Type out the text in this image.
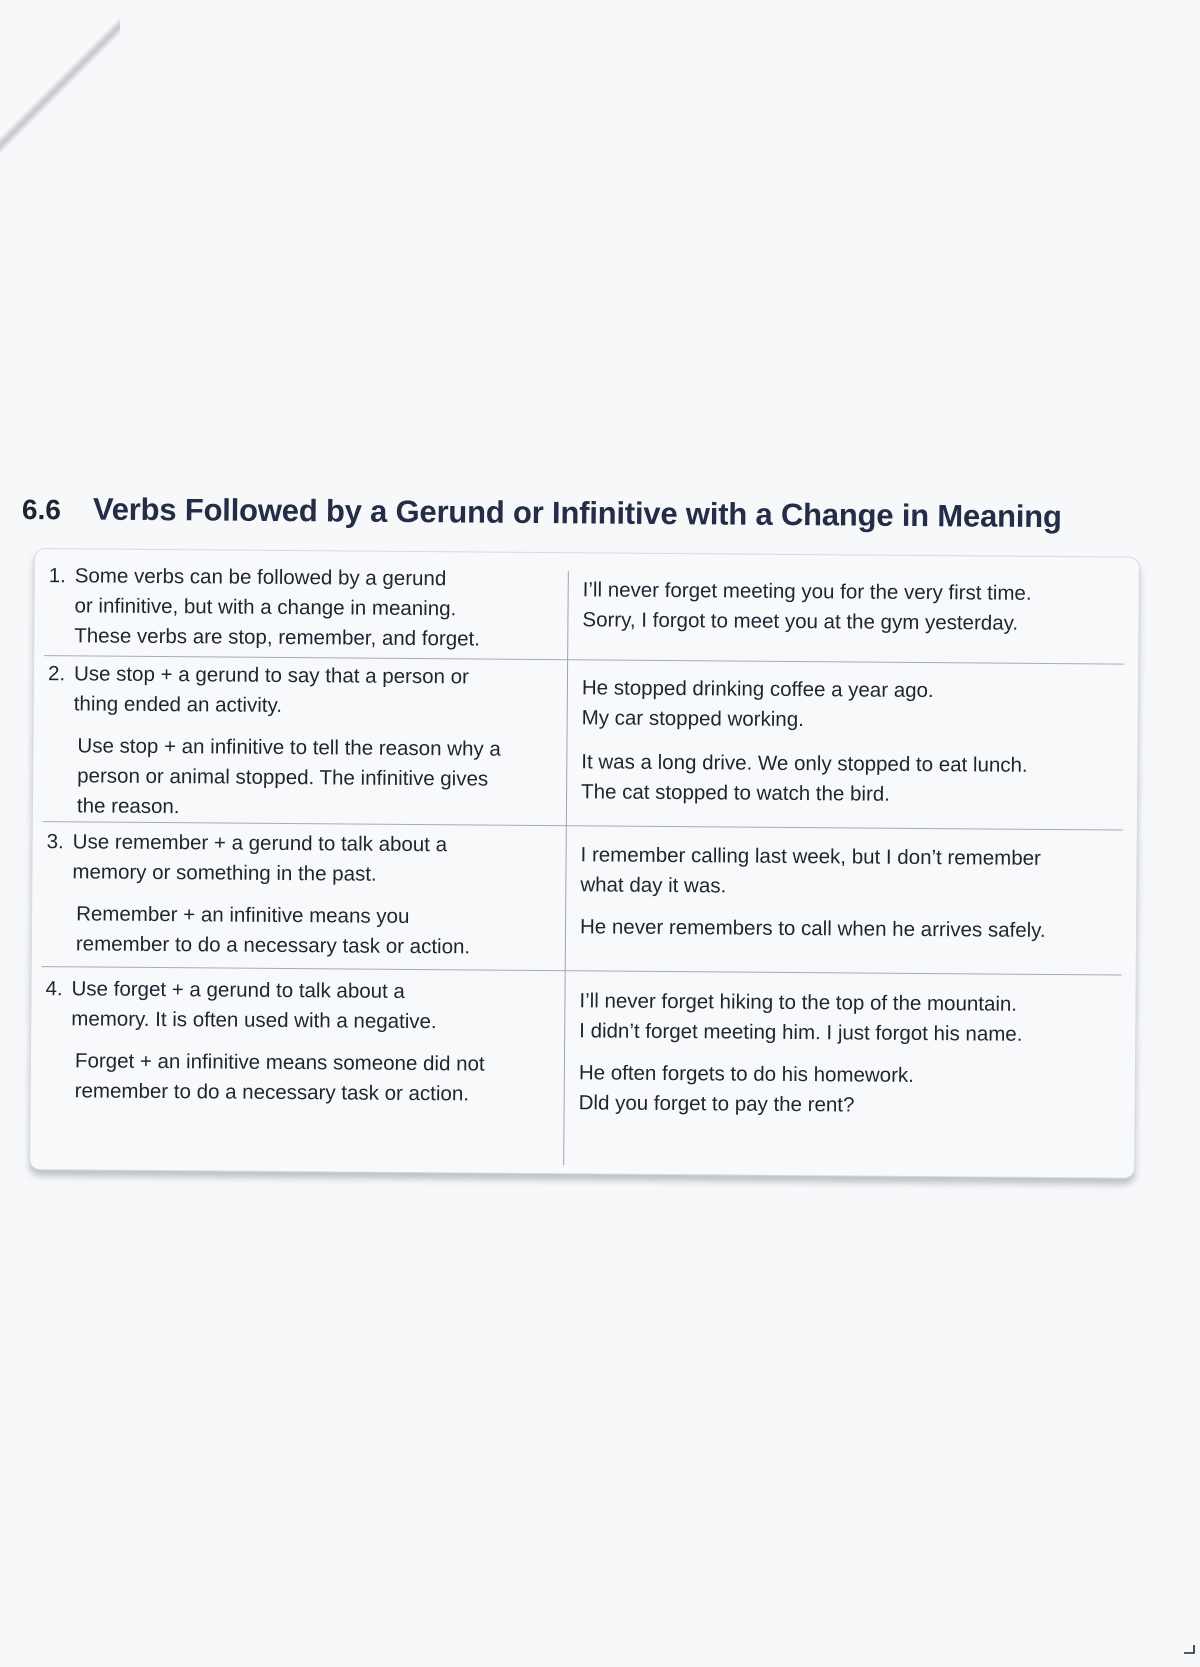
6.6 Verbs Followed by a Gerund or Infinitive with a Change in Meaning
1. Some verbs can be followed by a gerund
or infinitive, but with a change in meaning.
These verbs are stop, remember, and forget.
I’ll never forget meeting you for the very first time.
Sorry, I forgot to meet you at the gym yesterday.
2. Use stop + a gerund to say that a person or
thing ended an activity.
Use stop + an infinitive to tell the reason why a
person or animal stopped. The infinitive gives
the reason.
He stopped drinking coffee a year ago.
My car stopped working.
It was a long drive. We only stopped to eat lunch.
The cat stopped to watch the bird.
3. Use remember + a gerund to talk about a
memory or something in the past.
Remember + an infinitive means you
remember to do a necessary task or action.
I remember calling last week, but I don’t remember
what day it was.
He never remembers to call when he arrives safely.
4. Use forget + a gerund to talk about a
memory. It is often used with a negative.
Forget + an infinitive means someone did not
remember to do a necessary task or action.
I’ll never forget hiking to the top of the mountain.
I didn’t forget meeting him. I just forgot his name.
He often forgets to do his homework.
Dld you forget to pay the rent?
